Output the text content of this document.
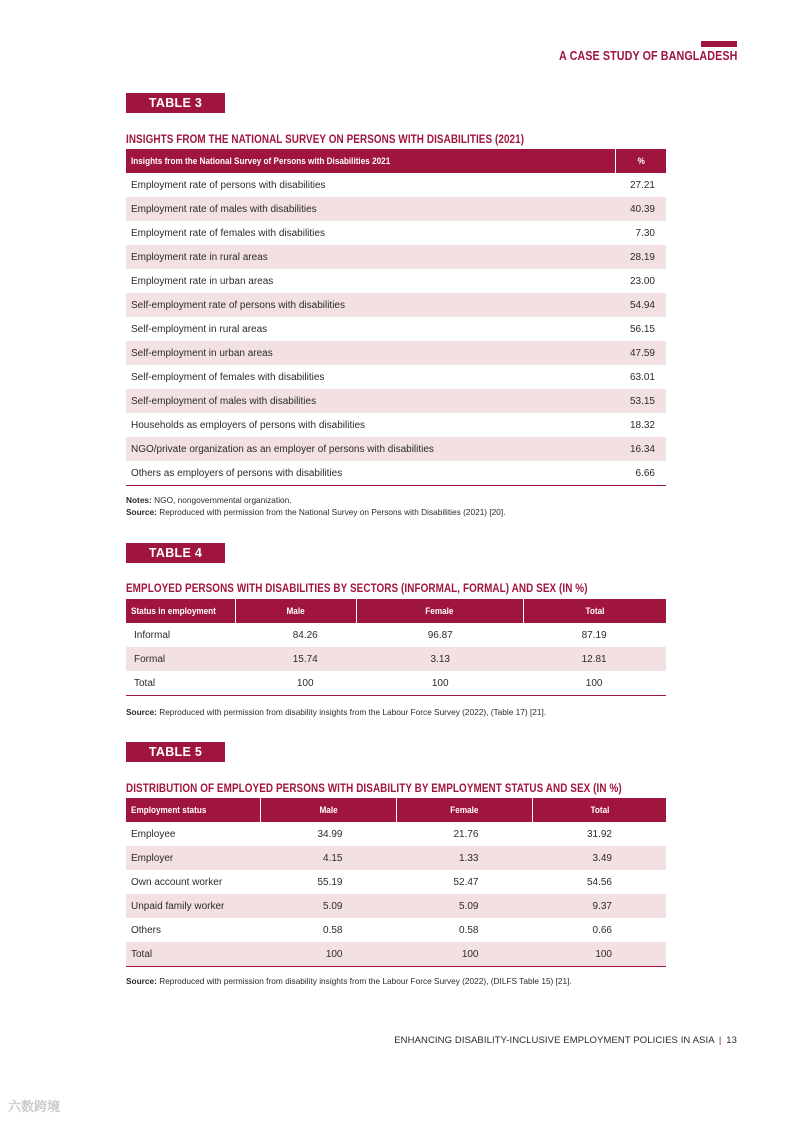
A CASE STUDY OF BANGLADESH
TABLE 3
INSIGHTS FROM THE NATIONAL SURVEY ON PERSONS WITH DISABILITIES (2021)
Insights from the National Survey of Persons with Disabilities 2021	%
Employment rate of persons with disabilities	27.21
Employment rate of males with disabilities	40.39
Employment rate of females with disabilities	7.30
Employment rate in rural areas	28.19
Employment rate in urban areas	23.00
Self-employment rate of persons with disabilities	54.94
Self-employment in rural areas	56.15
Self-employment in urban areas	47.59
Self-employment of females with disabilities	63.01
Self-employment of males with disabilities	53.15
Households as employers of persons with disabilities	18.32
NGO/private organization as an employer of persons with disabilities	16.34
Others as employers of persons with disabilities	6.66
Notes: NGO, nongovernmental organization.
Source: Reproduced with permission from the National Survey on Persons with Disabilities (2021) [20].
TABLE 4
EMPLOYED PERSONS WITH DISABILITIES BY SECTORS (INFORMAL, FORMAL) AND SEX (IN %)
Status in employment	Male	Female	Total
Informal	84.26	96.87	87.19
Formal	15.74	3.13	12.81
Total	100	100	100
Source: Reproduced with permission from disability insights from the Labour Force Survey (2022), (Table 17) [21].
TABLE 5
DISTRIBUTION OF EMPLOYED PERSONS WITH DISABILITY BY EMPLOYMENT STATUS AND SEX (IN %)
Employment status	Male	Female	Total
Employee	34.99	21.76	31.92
Employer	4.15	1.33	3.49
Own account worker	55.19	52.47	54.56
Unpaid family worker	5.09	5.09	9.37
Others	0.58	0.58	0.66
Total	100	100	100
Source: Reproduced with permission from disability insights from the Labour Force Survey (2022), (DILFS Table 15) [21].
ENHANCING DISABILITY-INCLUSIVE EMPLOYMENT POLICIES IN ASIA | 13
六数跨境
